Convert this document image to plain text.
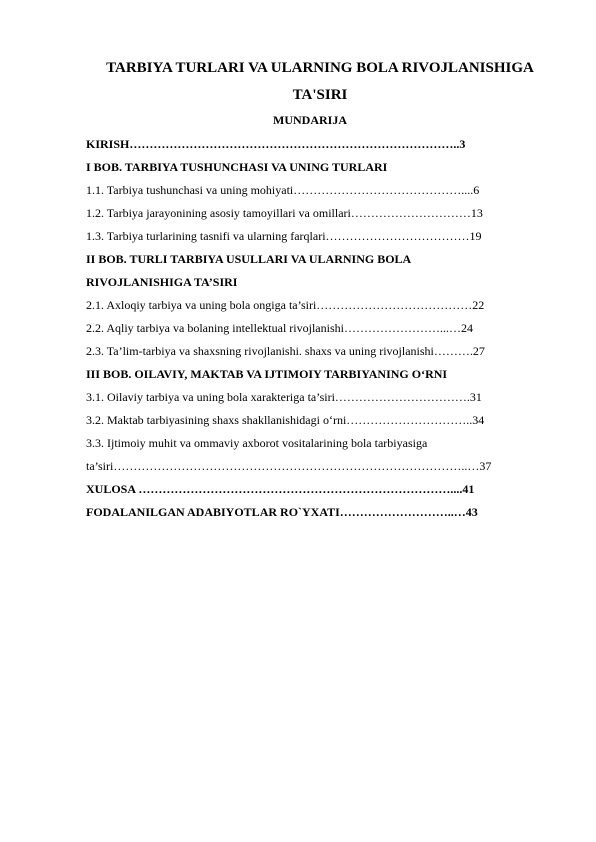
TARBIYA TURLARI VA ULARNING BOLA RIVOJLANISHIGA
TA'SIRI
MUNDARIJA
KIRISH………………………………………………………………………..3
I BOB. TARBIYA TUSHUNCHASI VA UNING TURLARI
1.1. Tarbiya tushunchasi va uning mohiyati……………………………………....6
1.2. Tarbiya jarayonining asosiy tamoyillari va omillari…………………………13
1.3. Tarbiya turlarining tasnifi va ularning farqlari………………………………19
II BOB. TURLI TARBIYA USULLARI VA ULARNING BOLA
RIVOJLANISHIGA TA’SIRI
2.1. Axloqiy tarbiya va uning bola ongiga ta’siri…………………………………22
2.2. Aqliy tarbiya va bolaning intellektual rivojlanishi……………………...…24
2.3. Ta’lim-tarbiya va shaxsning rivojlanishi. shaxs va uning rivojlanishi……….27
III BOB. OILAVIY, MAKTAB VA IJTIMOIY TARBIYANING O‘RNI
3.1. Oilaviy tarbiya va uning bola xarakteriga ta’siri…………………………….31
3.2. Maktab tarbiyasining shaxs shakllanishidagi o‘rni…………………………..34
3.3. Ijtimoiy muhit va ommaviy axborot vositalarining bola tarbiyasiga
ta’siri……………………………………………………………………………..…37
XULOSA ……………………………………………………………………....41
FODALANILGAN ADABIYOTLAR RO`YXATI………………………..…43
